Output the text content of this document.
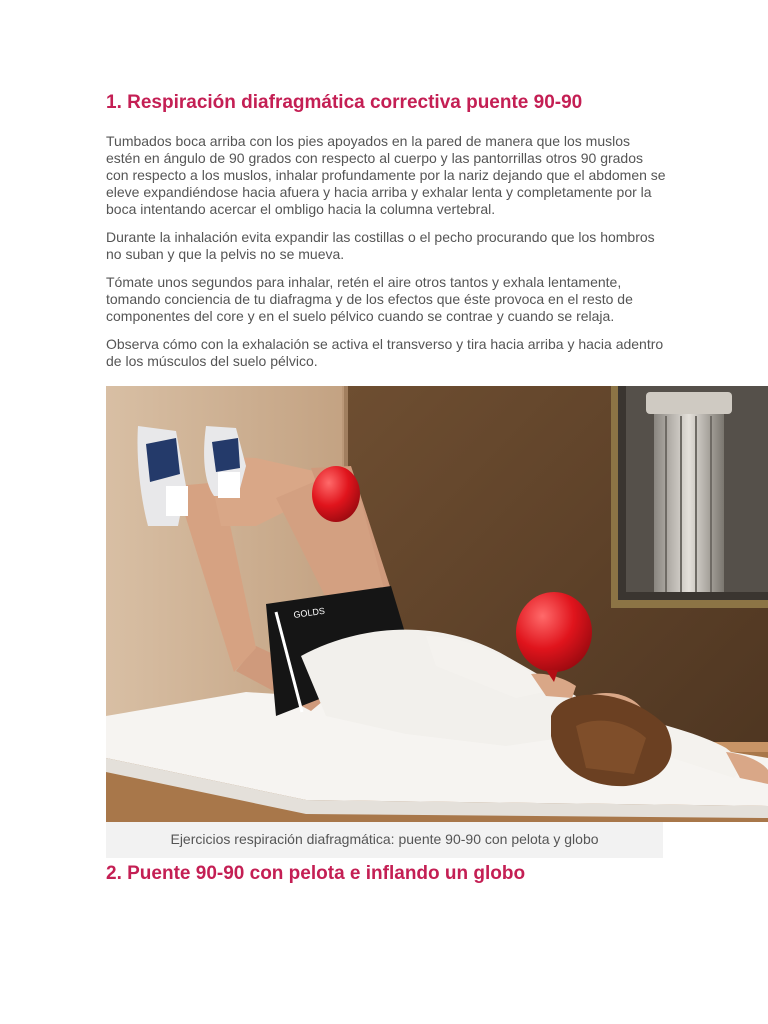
1. Respiración diafragmática correctiva puente 90-90

Tumbados boca arriba con los pies apoyados en la pared de manera que los muslos estén en ángulo de 90 grados con respecto al cuerpo y las pantorrillas otros 90 grados con respecto a los muslos, inhalar profundamente por la nariz dejando que el abdomen se eleve expandiéndose hacia afuera y hacia arriba y exhalar lenta y completamente por la boca intentando acercar el ombligo hacia la columna vertebral.

Durante la inhalación evita expandir las costillas o el pecho procurando que los hombros no suban y que la pelvis no se mueva.

Tómate unos segundos para inhalar, retén el aire otros tantos y exhala lentamente, tomando conciencia de tu diafragma y de los efectos que éste provoca en el resto de componentes del core y en el suelo pélvico cuando se contrae y cuando se relaja.

Observa cómo con la exhalación se activa el transverso y tira hacia arriba y hacia adentro de los músculos del suelo pélvico.

GOLDS
Ejercicios respiración diafragmática: puente 90-90 con pelota y globo
2. Puente 90-90 con pelota e inflando un globo
